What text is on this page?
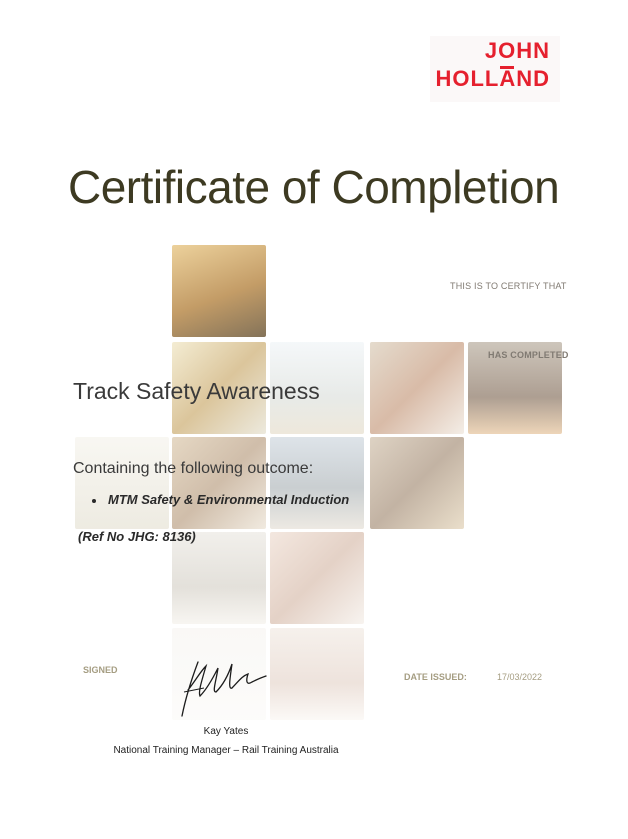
JOHN
HOLLAND
Certificate of Completion
THIS IS TO CERTIFY THAT
HAS COMPLETED
Track Safety Awareness
Containing the following outcome:
MTM Safety & Environmental Induction
(Ref No JHG: 8136)
SIGNED
DATE ISSUED:	17/03/2022
Kay Yates
National Training Manager – Rail Training Australia
